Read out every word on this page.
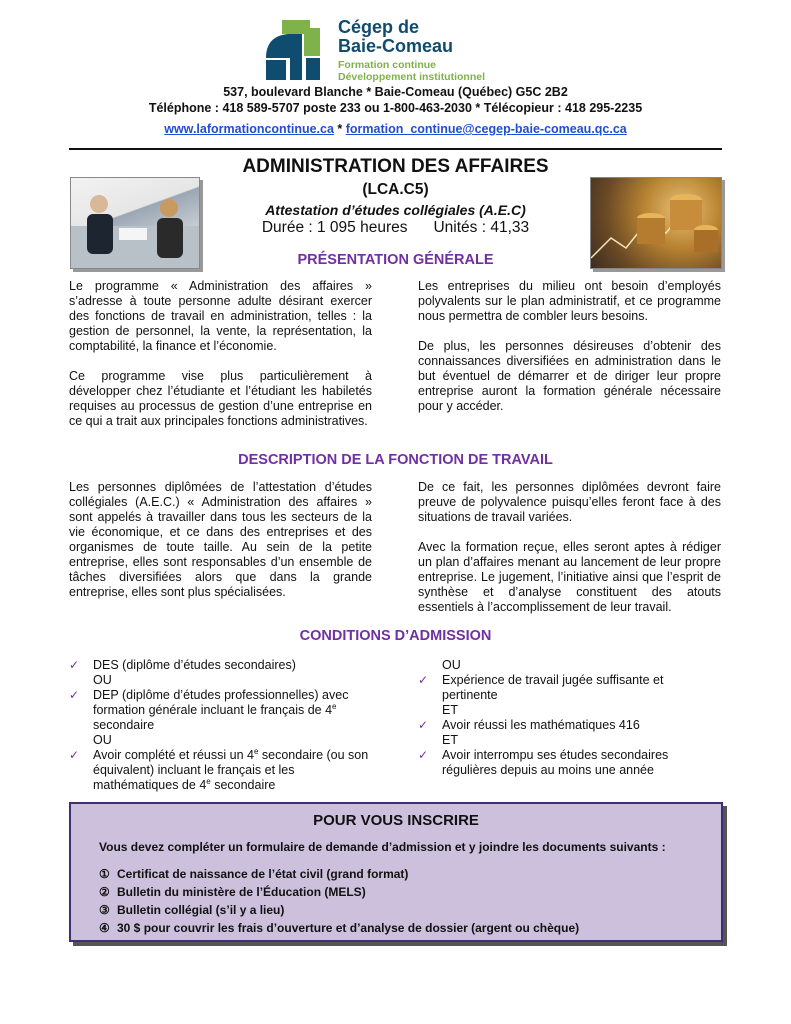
Cégep de
Baie-Comeau
Formation continue
Développement institutionnel
537, boulevard Blanche * Baie-Comeau (Québec) G5C 2B2
Téléphone : 418 589-5707 poste 233 ou 1-800-463-2030 * Télécopieur : 418 295-2235
www.laformationcontinue.ca * formation_continue@cegep-baie-comeau.qc.ca
ADMINISTRATION DES AFFAIRES
(LCA.C5)
Attestation d’études collégiales (A.E.C)
Durée : 1 095 heures Unités : 41,33
PRÉSENTATION GÉNÉRALE

Le programme « Administration des affaires » s’adresse à toute personne adulte désirant exercer des fonctions de travail en administration, telles : la gestion de personnel, la vente, la représentation, la comptabilité, la finance et l’économie.

Ce programme vise plus particulièrement à développer chez l’étudiante et l’étudiant les habiletés requises au processus de gestion d’une entreprise en ce qui a trait aux principales fonctions administratives.

Les entreprises du milieu ont besoin d’employés polyvalents sur le plan administratif, et ce programme nous permettra de combler leurs besoins.

De plus, les personnes désireuses d’obtenir des connaissances diversifiées en administration dans le but éventuel de démarrer et de diriger leur propre entreprise auront la formation générale nécessaire pour y accéder.

DESCRIPTION DE LA FONCTION DE TRAVAIL

Les personnes diplômées de l’attestation d’études collégiales (A.E.C.) « Administration des affaires » sont appelés à travailler dans tous les secteurs de la vie économique, et ce dans des entreprises et des organismes de toute taille. Au sein de la petite entreprise, elles sont responsables d’un ensemble de tâches diversifiées alors que dans la grande entreprise, elles sont plus spécialisées.

De ce fait, les personnes diplômées devront faire preuve de polyvalence puisqu’elles feront face à des situations de travail variées.

Avec la formation reçue, elles seront aptes à rédiger un plan d’affaires menant au lancement de leur propre entreprise. Le jugement, l’initiative ainsi que l’esprit de synthèse et d’analyse constituent des atouts essentiels à l’accomplissement de leur travail.

CONDITIONS D’ADMISSION
✓ DES (diplôme d’études secondaires)
OU
✓ DEP (diplôme d’études professionnelles) avec formation générale incluant le français de 4e secondaire
OU
✓ Avoir complété et réussi un 4e secondaire (ou son équivalent) incluant le français et les mathématiques de 4e secondaire
OU
✓ Expérience de travail jugée suffisante et pertinente
ET
✓ Avoir réussi les mathématiques 416
ET
✓ Avoir interrompu ses études secondaires régulières depuis au moins une année
POUR VOUS INSCRIRE
Vous devez compléter un formulaire de demande d’admission et y joindre les documents suivants :
① Certificat de naissance de l’état civil (grand format)
② Bulletin du ministère de l’Éducation (MELS)
③ Bulletin collégial (s’il y a lieu)
④ 30 $ pour couvrir les frais d’ouverture et d’analyse de dossier (argent ou chèque)
